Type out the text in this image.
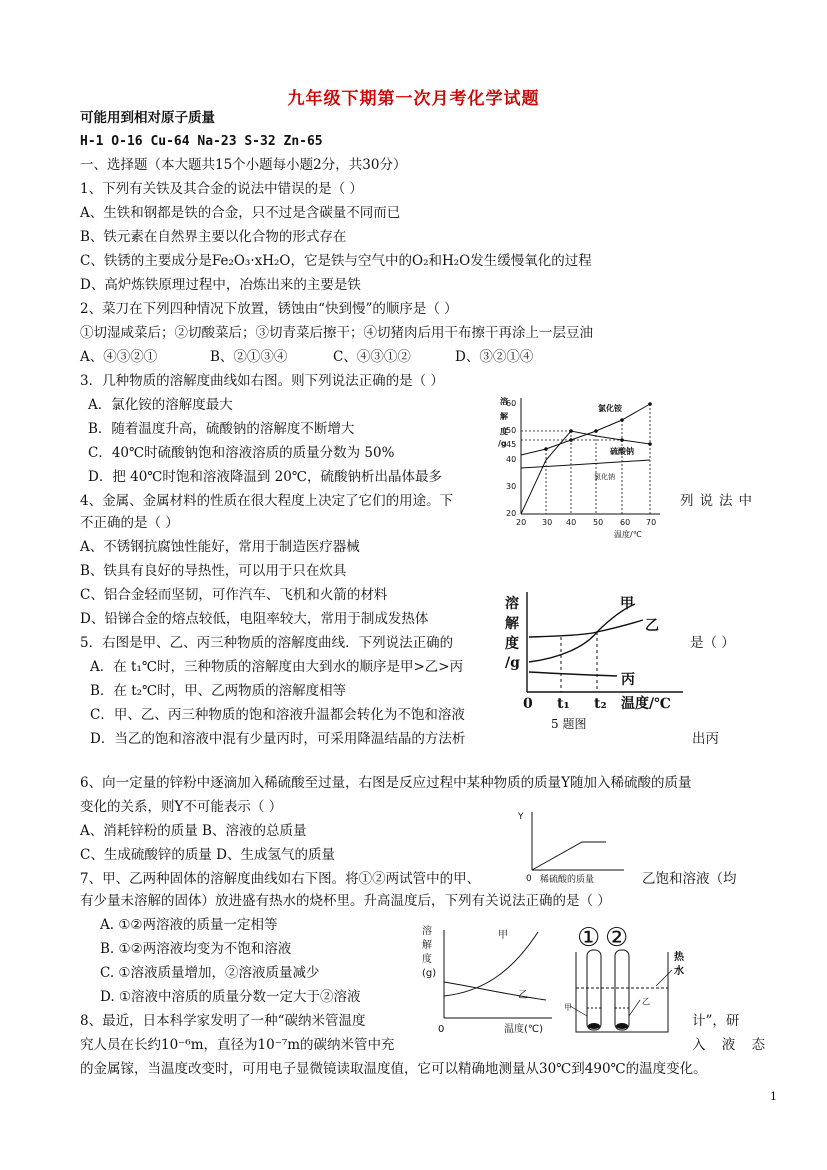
九年级下期第一次月考化学试题
可能用到相对原子质量
H-1 O-16 Cu-64 Na-23 S-32 Zn-65
一、选择题（本大题共15个小题每小题2分，共30分）
1、下列有关铁及其合金的说法中错误的是（ ）
A、生铁和钢都是铁的合金，只不过是含碳量不同而已
B、铁元素在自然界主要以化合物的形式存在
C、铁锈的主要成分是Fe₂O₃·xH₂O，它是铁与空气中的O₂和H₂O发生缓慢氧化的过程
D、高炉炼铁原理过程中，冶炼出来的主要是铁
2、菜刀在下列四种情况下放置，锈蚀由“快到慢”的顺序是（ ）
①切湿咸菜后；②切酸菜后；③切青菜后擦干；④切猪肉后用干布擦干再涂上一层豆油
A、④③②①	B、②①③④	C、④③①②	D、③②①④
3．几种物质的溶解度曲线如右图。则下列说法正确的是（ ）
A．氯化铵的溶解度最大
B．随着温度升高，硫酸钠的溶解度不断增大
C．40℃时硫酸钠饱和溶液溶质的质量分数为 50%
D．把 40℃时饱和溶液降温到 20℃，硫酸钠析出晶体最多
4、金属、金属材料的性质在很大程度上决定了它们的用途。下	列说法中
不正确的是（ ）
A、不锈钢抗腐蚀性能好，常用于制造医疗器械
B、铁具有良好的导热性，可以用于只在炊具
C、铝合金轻而坚韧，可作汽车、飞机和火箭的材料
D、铅锑合金的熔点较低，电阻率较大，常用于制成发热体
5．右图是甲、乙、丙三种物质的溶解度曲线．下列说法正确的	是（ ）
A．在 t₁℃时，三种物质的溶解度由大到水的顺序是甲>乙>丙
B．在 t₂℃时，甲、乙两物质的溶解度相等
C．甲、乙、丙三种物质的饱和溶液升温都会转化为不饱和溶液
D．当乙的饱和溶液中混有少量丙时，可采用降温结晶的方法析	出丙
6、向一定量的锌粉中逐滴加入稀硫酸至过量，右图是反应过程中某种物质的质量Y随加入稀硫酸的质量
变化的关系，则Y不可能表示（ ）
A、消耗锌粉的质量 B、溶液的总质量
C、生成硫酸锌的质量 D、生成氢气的质量
7、甲、乙两种固体的溶解度曲线如右下图。将①②两试管中的甲、	乙饱和溶液（均
有少量未溶解的固体）放进盛有热水的烧杯里。升高温度后，下列有关说法正确的是（ ）
A. ①②两溶液的质量一定相等
B. ①②两溶液均变为不饱和溶液
C. ①溶液质量增加，②溶液质量减少
D. ①溶液中溶质的质量分数一定大于②溶液
8、最近，日本科学家发明了一种“碳纳米管温度	计”，研
究人员在长约10⁻⁶m，直径为10⁻⁷m的碳纳米管中充	入 液 态
的金属镓，当温度改变时，可用电子显微镜读取温度值，它可以精确地测量从30℃到490℃的温度变化。
溶
解
度
/g
60
50
45
40
30
20
20 30 40 50 60 70
温度/℃
氯化铵
硫酸钠
氯化钠
溶
解
度
/g
甲
乙
丙
0 t₁ t₂ 温度/℃
5 题图
Y
0 稀硫酸的质量
溶
解
度
(g)
甲
乙
0	温度(℃)
热
水
甲
乙
① ②
1
